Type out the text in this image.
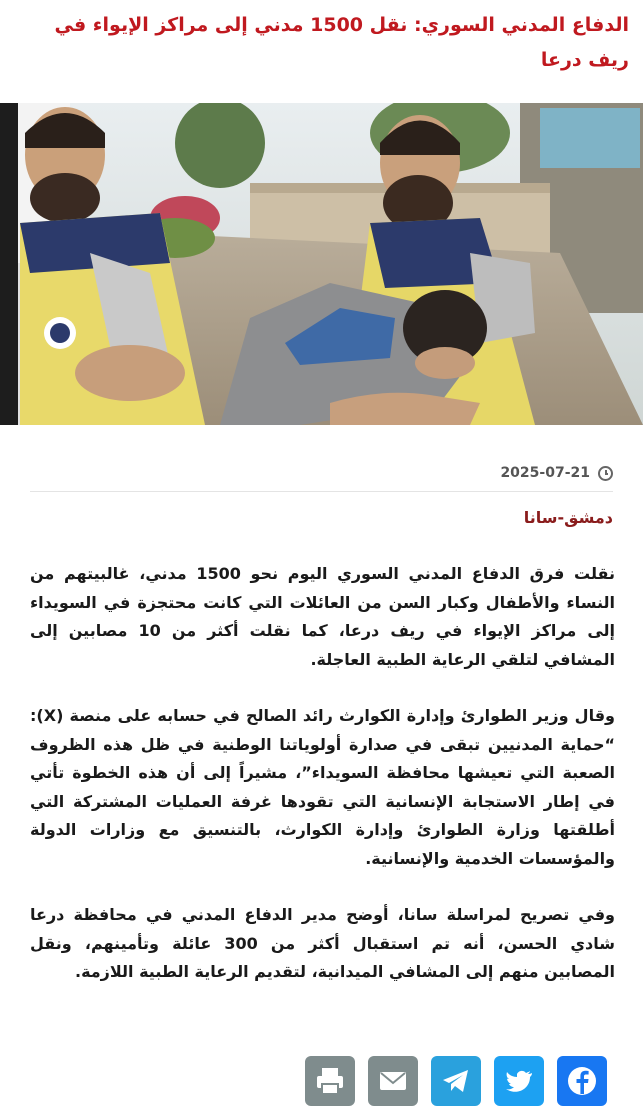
الدفاع المدني السوري: نقل 1500 مدني إلى مراكز الإيواء في ريف درعا
2025-07-21
دمشق-سانا

نقلت فرق الدفاع المدني السوري اليوم نحو 1500 مدني، غالبيتهم من النساء والأطفال وكبار السن من العائلات التي كانت محتجزة في السويداء إلى مراكز الإيواء في ريف درعا، كما نقلت أكثر من 10 مصابين إلى المشافي لتلقي الرعاية الطبية العاجلة.

وقال وزير الطوارئ وإدارة الكوارث رائد الصالح في حسابه على منصة (X): “حماية المدنيين تبقى في صدارة أولوياتنا الوطنية في ظل هذه الظروف الصعبة التي تعيشها محافظة السويداء”، مشيراً إلى أن هذه الخطوة تأتي في إطار الاستجابة الإنسانية التي تقودها غرفة العمليات المشتركة التي أطلقتها وزارة الطوارئ وإدارة الكوارث، بالتنسيق مع وزارات الدولة والمؤسسات الخدمية والإنسانية.

وفي تصريح لمراسلة سانا، أوضح مدير الدفاع المدني في محافظة درعا شادي الحسن، أنه تم استقبال أكثر من 300 عائلة وتأمينهم، ونقل المصابين منهم إلى المشافي الميدانية، لتقديم الرعاية الطبية اللازمة.
